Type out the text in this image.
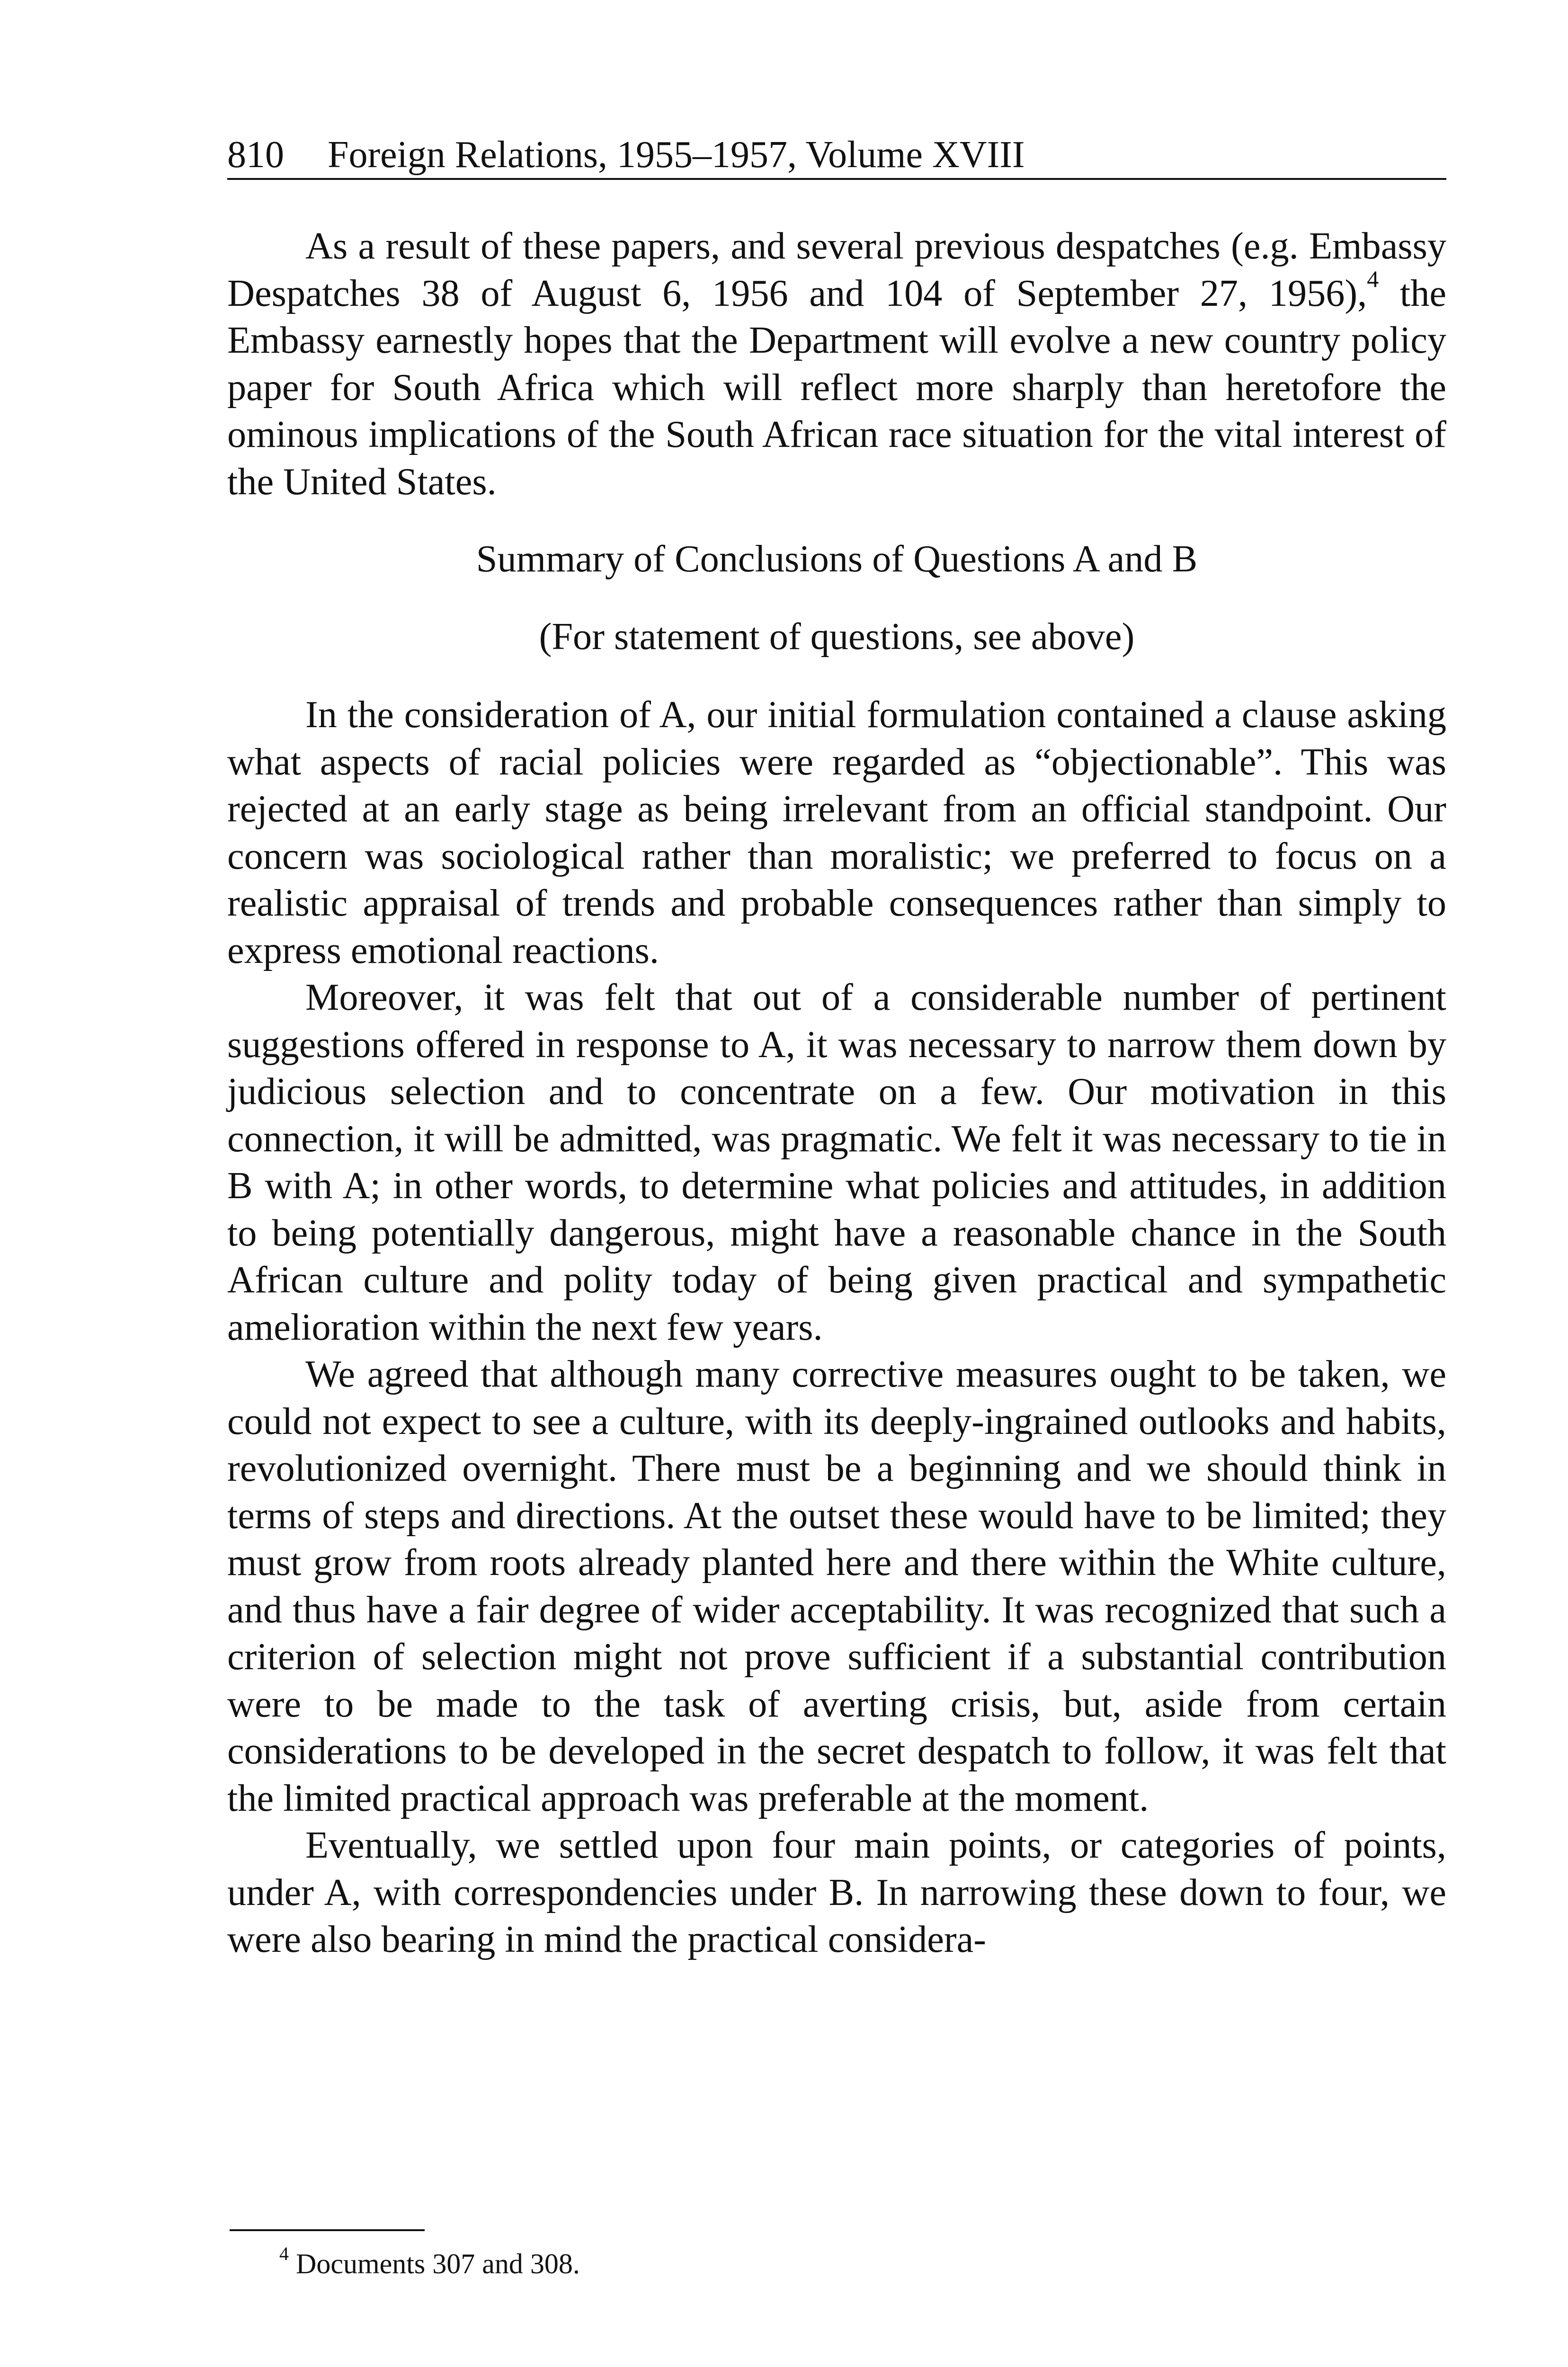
810 Foreign Relations, 1955–1957, Volume XVIII

As a result of these papers, and several previous despatches (e.g. Embassy Despatches 38 of August 6, 1956 and 104 of September 27, 1956),$^4$ the Embassy earnestly hopes that the Department will evolve a new country policy paper for South Africa which will reflect more sharply than heretofore the ominous implications of the South African race situation for the vital interest of the United States.

Summary of Conclusions of Questions A and B
(For statement of questions, see above)

In the consideration of A, our initial formulation contained a clause asking what aspects of racial policies were regarded as “objectionable”. This was rejected at an early stage as being irrelevant from an official standpoint. Our concern was sociological rather than moralistic; we preferred to focus on a realistic appraisal of trends and probable consequences rather than simply to express emotional reactions.

Moreover, it was felt that out of a considerable number of pertinent suggestions offered in response to A, it was necessary to narrow them down by judicious selection and to concentrate on a few. Our motivation in this connection, it will be admitted, was pragmatic. We felt it was necessary to tie in B with A; in other words, to determine what policies and attitudes, in addition to being potentially dangerous, might have a reasonable chance in the South African culture and polity today of being given practical and sympathetic amelioration within the next few years.

We agreed that although many corrective measures ought to be taken, we could not expect to see a culture, with its deeply-ingrained outlooks and habits, revolutionized overnight. There must be a beginning and we should think in terms of steps and directions. At the outset these would have to be limited; they must grow from roots already planted here and there within the White culture, and thus have a fair degree of wider acceptability. It was recognized that such a criterion of selection might not prove sufficient if a substantial contribution were to be made to the task of averting crisis, but, aside from certain considerations to be developed in the secret despatch to follow, it was felt that the limited practical approach was preferable at the moment.

Eventually, we settled upon four main points, or categories of points, under A, with correspondencies under B. In narrowing these down to four, we were also bearing in mind the practical considera-

$^4$ Documents 307 and 308.
